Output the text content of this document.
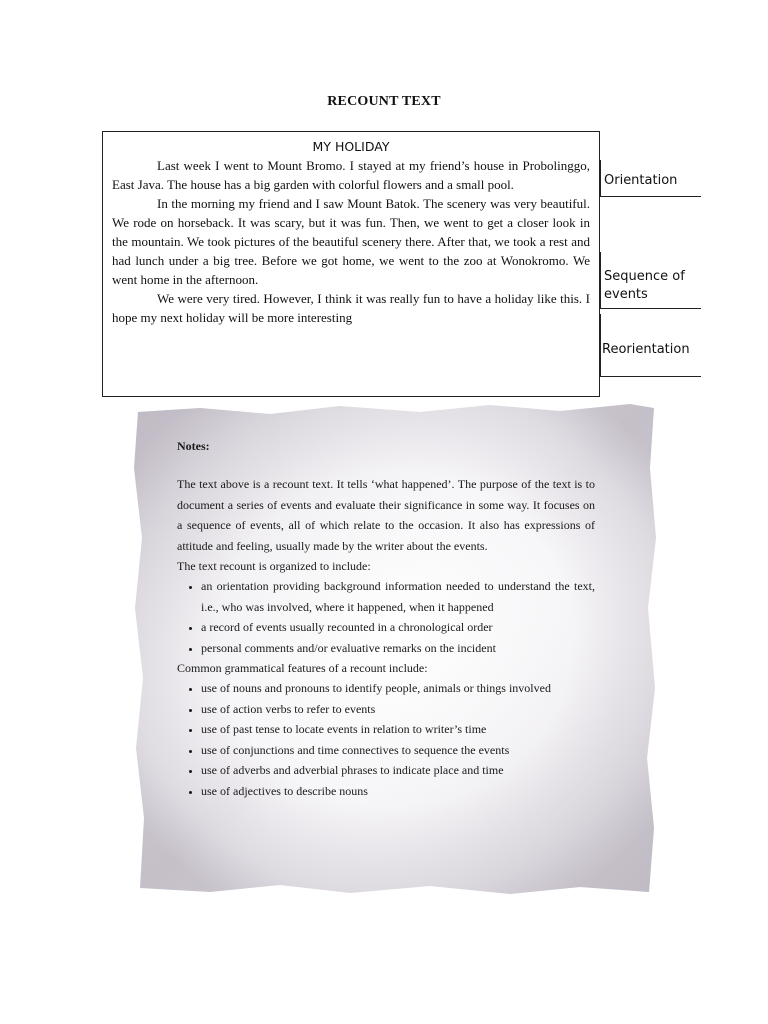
RECOUNT TEXT
MY HOLIDAY

Last week I went to Mount Bromo. I stayed at my friend’s house in Probolinggo, East Java. The house has a big garden with colorful flowers and a small pool.

In the morning my friend and I saw Mount Batok. The scenery was very beautiful. We rode on horseback. It was scary, but it was fun. Then, we went to get a closer look in the mountain. We took pictures of the beautiful scenery there. After that, we took a rest and had lunch under a big tree. Before we got home, we went to the zoo at Wonokromo. We went home in the afternoon.

We were very tired. However, I think it was really fun to have a holiday like this. I hope my next holiday will be more interesting

Orientation
Sequence of
events
Reorientation
Notes:

The text above is a recount text. It tells ‘what happened’. The purpose of the text is to document a series of events and evaluate their significance in some way. It focuses on a sequence of events, all of which relate to the occasion. It also has expressions of attitude and feeling, usually made by the writer about the events.

The text recount is organized to include:

• an orientation providing background information needed to understand the text, i.e., who was involved, where it happened, when it happened
• a record of events usually recounted in a chronological order
• personal comments and/or evaluative remarks on the incident

Common grammatical features of a recount include:

• use of nouns and pronouns to identify people, animals or things involved
• use of action verbs to refer to events
• use of past tense to locate events in relation to writer’s time
• use of conjunctions and time connectives to sequence the events
• use of adverbs and adverbial phrases to indicate place and time
• use of adjectives to describe nouns
